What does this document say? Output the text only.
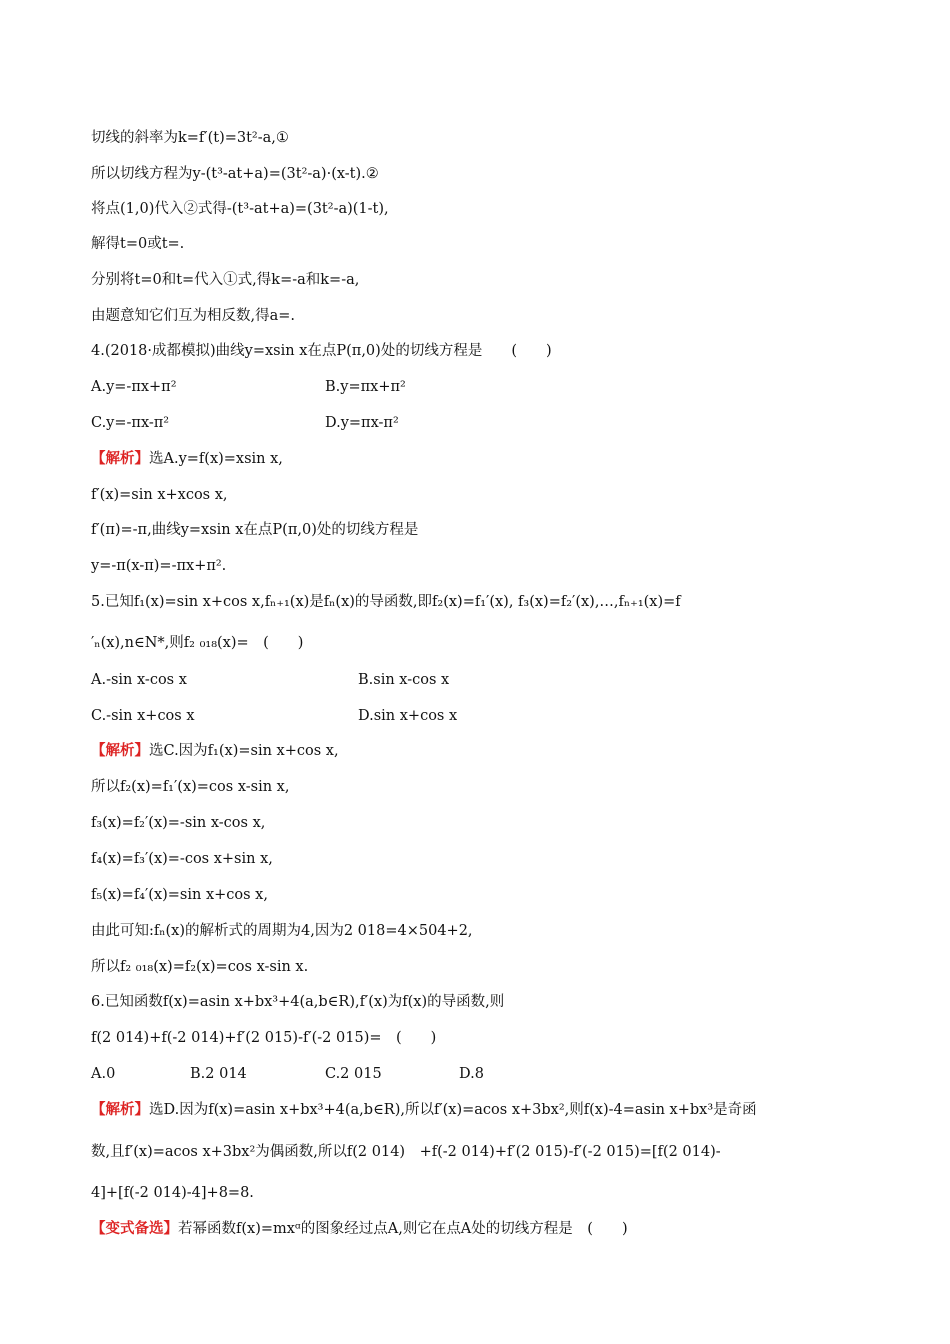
切线的斜率为k=f′(t)=3t²-a,①
所以切线方程为y-(t³-at+a)=(3t²-a)·(x-t).②
将点(1,0)代入②式得-(t³-at+a)=(3t²-a)(1-t),
解得t=0或t=.
分别将t=0和t=代入①式,得k=-a和k=-a,
由题意知它们互为相反数,得a=.
4.(2018·成都模拟)曲线y=xsin x在点P(π,0)处的切线方程是　　(　　)
A.y=-πx+π²	B.y=πx+π²
C.y=-πx-π²	D.y=πx-π²
【解析】选A.y=f(x)=xsin x,
f′(x)=sin x+xcos x,
f′(π)=-π,曲线y=xsin x在点P(π,0)处的切线方程是
y=-π(x-π)=-πx+π².
5.已知f₁(x)=sin x+cos x,fₙ₊₁(x)是fₙ(x)的导函数,即f₂(x)=f₁′(x), f₃(x)=f₂′(x),…,fₙ₊₁(x)=f
′ₙ(x),n∈N*,则f₂ ₀₁₈(x)=　(　　)
A.-sin x-cos x	B.sin x-cos x
C.-sin x+cos x	D.sin x+cos x
【解析】选C.因为f₁(x)=sin x+cos x,
所以f₂(x)=f₁′(x)=cos x-sin x,
f₃(x)=f₂′(x)=-sin x-cos x,
f₄(x)=f₃′(x)=-cos x+sin x,
f₅(x)=f₄′(x)=sin x+cos x,
由此可知:fₙ(x)的解析式的周期为4,因为2 018=4×504+2,
所以f₂ ₀₁₈(x)=f₂(x)=cos x-sin x.
6.已知函数f(x)=asin x+bx³+4(a,b∈R),f′(x)为f(x)的导函数,则
f(2 014)+f(-2 014)+f′(2 015)-f′(-2 015)=　(　　)
A.0	B.2 014	C.2 015	D.8
【解析】选D.因为f(x)=asin x+bx³+4(a,b∈R),所以f′(x)=acos x+3bx²,则f(x)-4=asin x+bx³是奇函
数,且f′(x)=acos x+3bx²为偶函数,所以f(2 014)　+f(-2 014)+f′(2 015)-f′(-2 015)=[f(2 014)-
4]+[f(-2 014)-4]+8=8.
【变式备选】若幂函数f(x)=mxᵅ的图象经过点A,则它在点A处的切线方程是　(　　)
